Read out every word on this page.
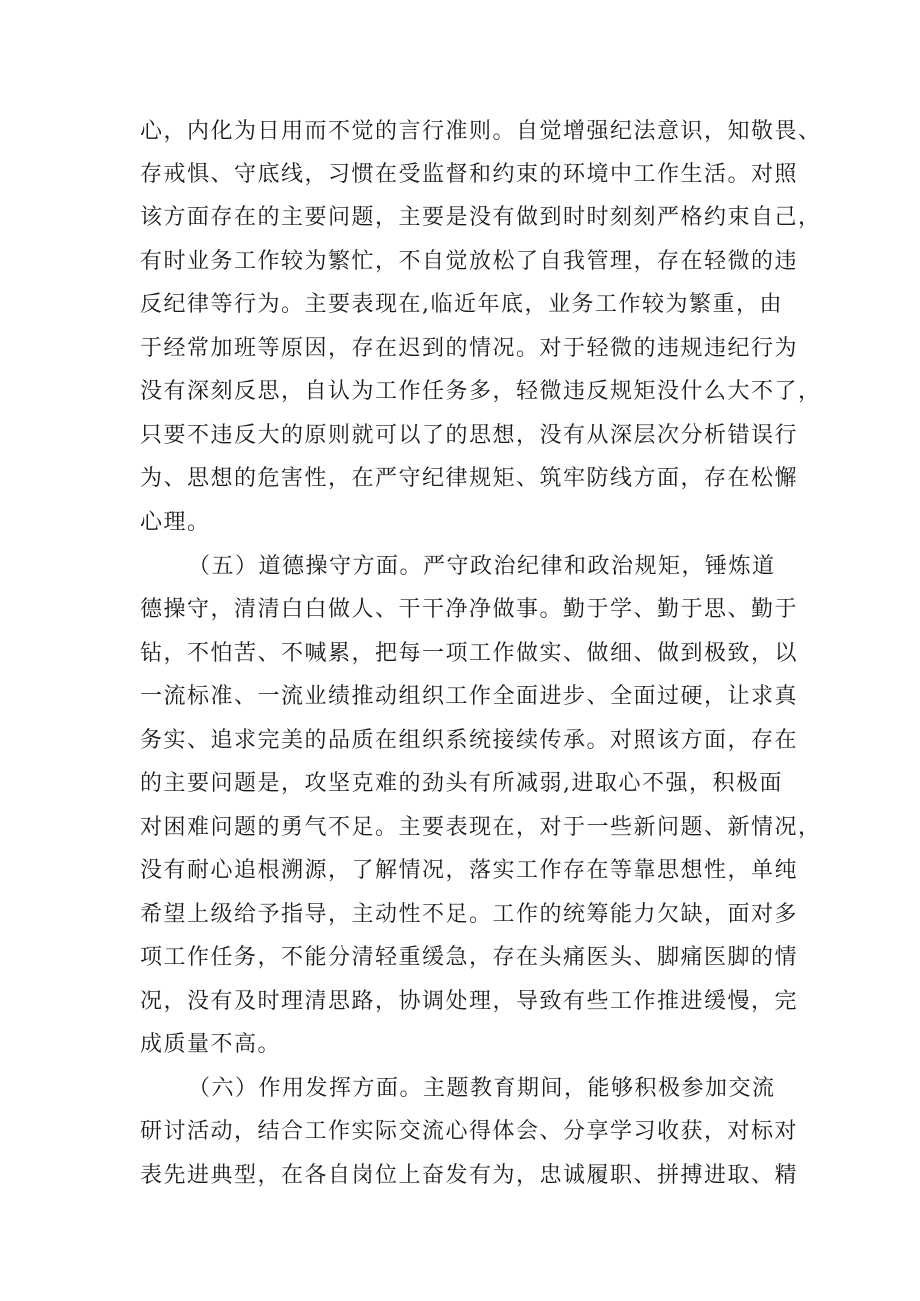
心，内化为日用而不觉的言行准则。自觉增强纪法意识，知敬畏、
存戒惧、守底线，习惯在受监督和约束的环境中工作生活。对照
该方面存在的主要问题，主要是没有做到时时刻刻严格约束自己，
有时业务工作较为繁忙，不自觉放松了自我管理，存在轻微的违
反纪律等行为。主要表现在,临近年底，业务工作较为繁重，由
于经常加班等原因，存在迟到的情况。对于轻微的违规违纪行为
没有深刻反思，自认为工作任务多，轻微违反规矩没什么大不了，
只要不违反大的原则就可以了的思想，没有从深层次分析错误行
为、思想的危害性，在严守纪律规矩、筑牢防线方面，存在松懈
心理。
（五）道德操守方面。严守政治纪律和政治规矩，锤炼道
德操守，清清白白做人、干干净净做事。勤于学、勤于思、勤于
钻，不怕苦、不喊累，把每一项工作做实、做细、做到极致，以
一流标准、一流业绩推动组织工作全面进步、全面过硬，让求真
务实、追求完美的品质在组织系统接续传承。对照该方面，存在
的主要问题是，攻坚克难的劲头有所减弱,进取心不强，积极面
对困难问题的勇气不足。主要表现在，对于一些新问题、新情况，
没有耐心追根溯源，了解情况，落实工作存在等靠思想性，单纯
希望上级给予指导，主动性不足。工作的统筹能力欠缺，面对多
项工作任务，不能分清轻重缓急，存在头痛医头、脚痛医脚的情
况，没有及时理清思路，协调处理，导致有些工作推进缓慢，完
成质量不高。
（六）作用发挥方面。主题教育期间，能够积极参加交流
研讨活动，结合工作实际交流心得体会、分享学习收获，对标对
表先进典型，在各自岗位上奋发有为，忠诚履职、拼搏进取、精
